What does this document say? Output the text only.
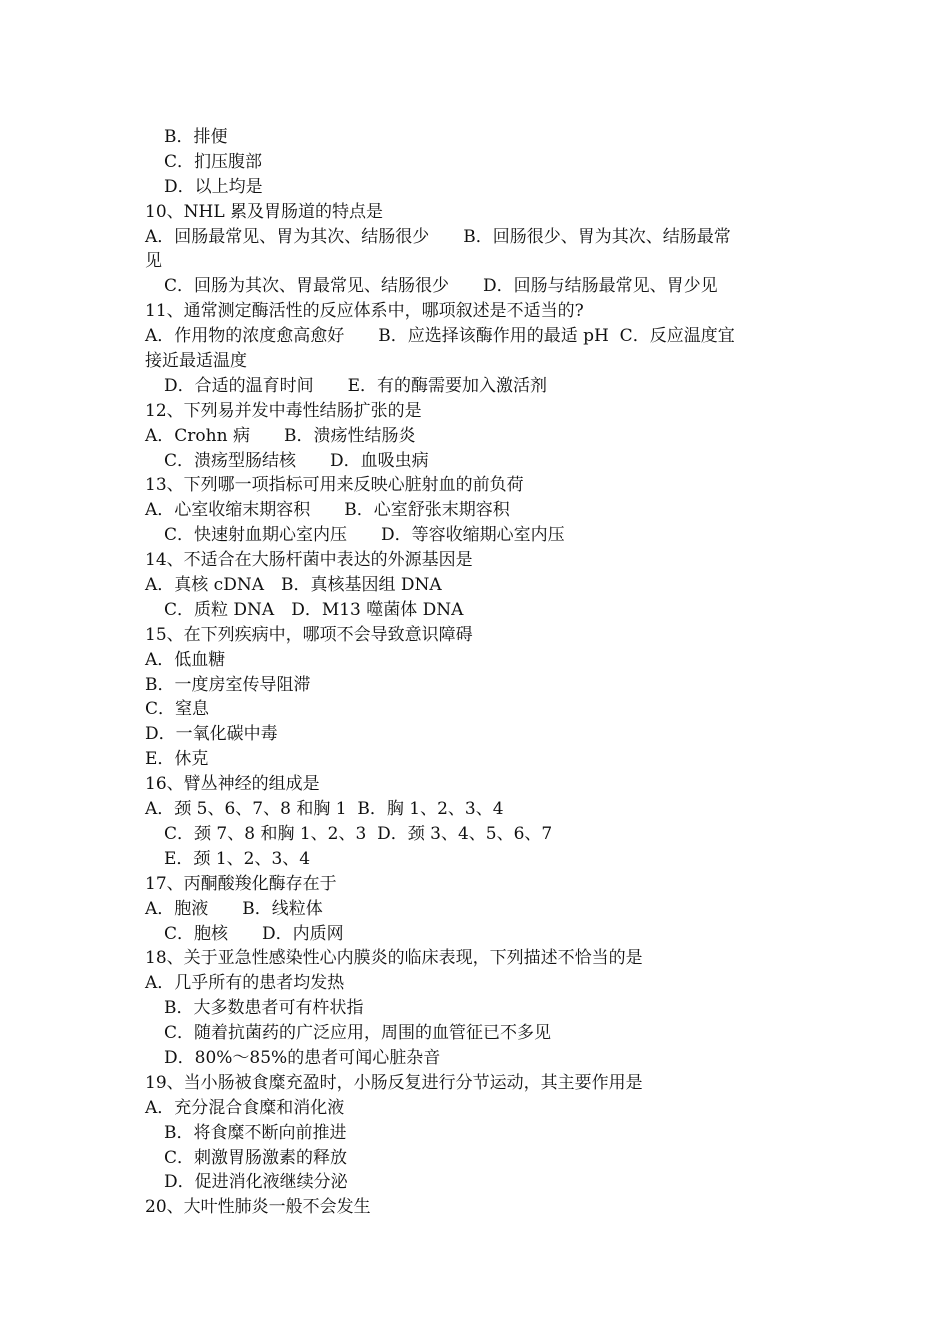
B．排便
C．扪压腹部
D．以上均是
10、NHL 累及胃肠道的特点是
A．回肠最常见、胃为其次、结肠很少　　B．回肠很少、胃为其次、结肠最常
见
C．回肠为其次、胃最常见、结肠很少　　D．回肠与结肠最常见、胃少见
11、通常测定酶活性的反应体系中，哪项叙述是不适当的?
A．作用物的浓度愈高愈好　　B．应选择该酶作用的最适 pH  C．反应温度宜
接近最适温度
D．合适的温育时间　　E．有的酶需要加入激活剂
12、下列易并发中毒性结肠扩张的是
A．Crohn 病　　B．溃疡性结肠炎
C．溃疡型肠结核　　D．血吸虫病
13、下列哪一项指标可用来反映心脏射血的前负荷
A．心室收缩末期容积　　B．心室舒张末期容积
C．快速射血期心室内压　　D．等容收缩期心室内压
14、不适合在大肠杆菌中表达的外源基因是
A．真核 cDNA　B．真核基因组 DNA
C．质粒 DNA　D．M13 噬菌体 DNA
15、在下列疾病中，哪项不会导致意识障碍
A．低血糖
B．一度房室传导阻滞
C．窒息
D．一氧化碳中毒
E．休克
16、臂丛神经的组成是
A．颈 5、6、7、8 和胸 1  B．胸 1、2、3、4
C．颈 7、8 和胸 1、2、3  D．颈 3、4、5、6、7
E．颈 1、2、3、4
17、丙酮酸羧化酶存在于
A．胞液　　B．线粒体
C．胞核　　D．内质网
18、关于亚急性感染性心内膜炎的临床表现，下列描述不恰当的是
A．几乎所有的患者均发热
B．大多数患者可有杵状指
C．随着抗菌药的广泛应用，周围的血管征已不多见
D．80%～85%的患者可闻心脏杂音
19、当小肠被食糜充盈时，小肠反复进行分节运动，其主要作用是
A．充分混合食糜和消化液
B．将食糜不断向前推进
C．刺激胃肠激素的释放
D．促进消化液继续分泌
20、大叶性肺炎一般不会发生
